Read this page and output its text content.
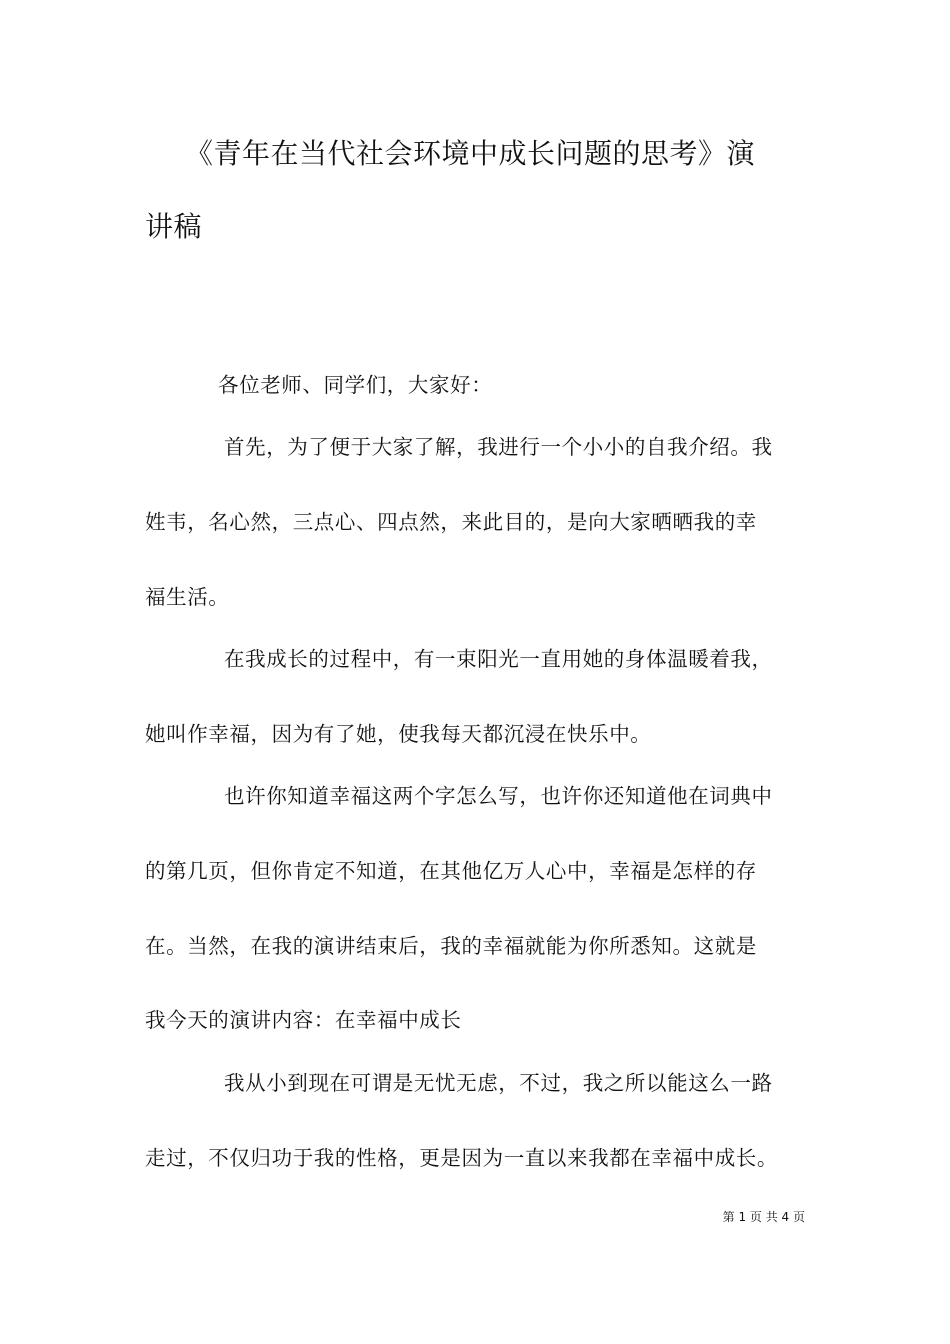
《青年在当代社会环境中成长问题的思考》演
讲稿
各位老师、同学们，大家好：
首先，为了便于大家了解，我进行一个小小的自我介绍。我
姓韦，名心然，三点心、四点然，来此目的，是向大家晒晒我的幸
福生活。
在我成长的过程中，有一束阳光一直用她的身体温暖着我，
她叫作幸福，因为有了她，使我每天都沉浸在快乐中。
也许你知道幸福这两个字怎么写，也许你还知道他在词典中
的第几页，但你肯定不知道，在其他亿万人心中，幸福是怎样的存
在。当然，在我的演讲结束后，我的幸福就能为你所悉知。这就是
我今天的演讲内容：在幸福中成长
我从小到现在可谓是无忧无虑，不过，我之所以能这么一路
走过，不仅归功于我的性格，更是因为一直以来我都在幸福中成长。
第 1 页 共 4 页
